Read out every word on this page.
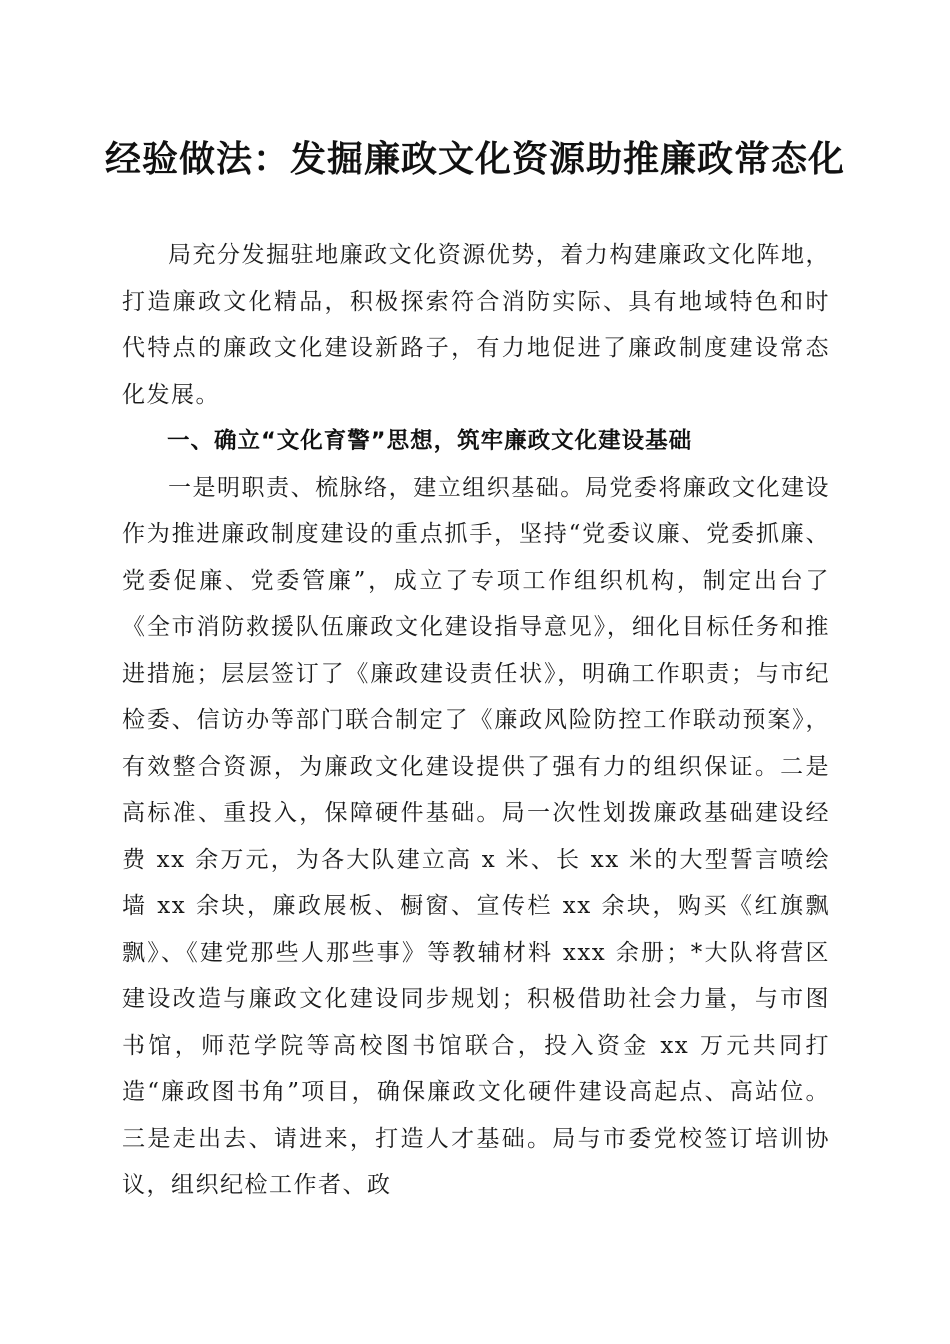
经验做法：发掘廉政文化资源助推廉政常态化

局充分发掘驻地廉政文化资源优势，着力构建廉政文化阵地，打造廉政文化精品，积极探索符合消防实际、具有地域特色和时代特点的廉政文化建设新路子，有力地促进了廉政制度建设常态化发展。

一、确立“文化育警”思想，筑牢廉政文化建设基础

一是明职责、梳脉络，建立组织基础。局党委将廉政文化建设作为推进廉政制度建设的重点抓手，坚持“党委议廉、党委抓廉、党委促廉、党委管廉”，成立了专项工作组织机构，制定出台了《全市消防救援队伍廉政文化建设指导意见》，细化目标任务和推进措施；层层签订了《廉政建设责任状》，明确工作职责；与市纪检委、信访办等部门联合制定了《廉政风险防控工作联动预案》，有效整合资源，为廉政文化建设提供了强有力的组织保证。二是高标准、重投入，保障硬件基础。局一次性划拨廉政基础建设经费 xx 余万元，为各大队建立高 x 米、长 xx 米的大型誓言喷绘墙 xx 余块，廉政展板、橱窗、宣传栏 xx 余块，购买《红旗飘飘》、《建党那些人那些事》等教辅材料 xxx 余册；*大队将营区建设改造与廉政文化建设同步规划；积极借助社会力量，与市图书馆，师范学院等高校图书馆联合，投入资金 xx 万元共同打造“廉政图书角”项目，确保廉政文化硬件建设高起点、高站位。三是走出去、请进来，打造人才基础。局与市委党校签订培训协议，组织纪检工作者、政
